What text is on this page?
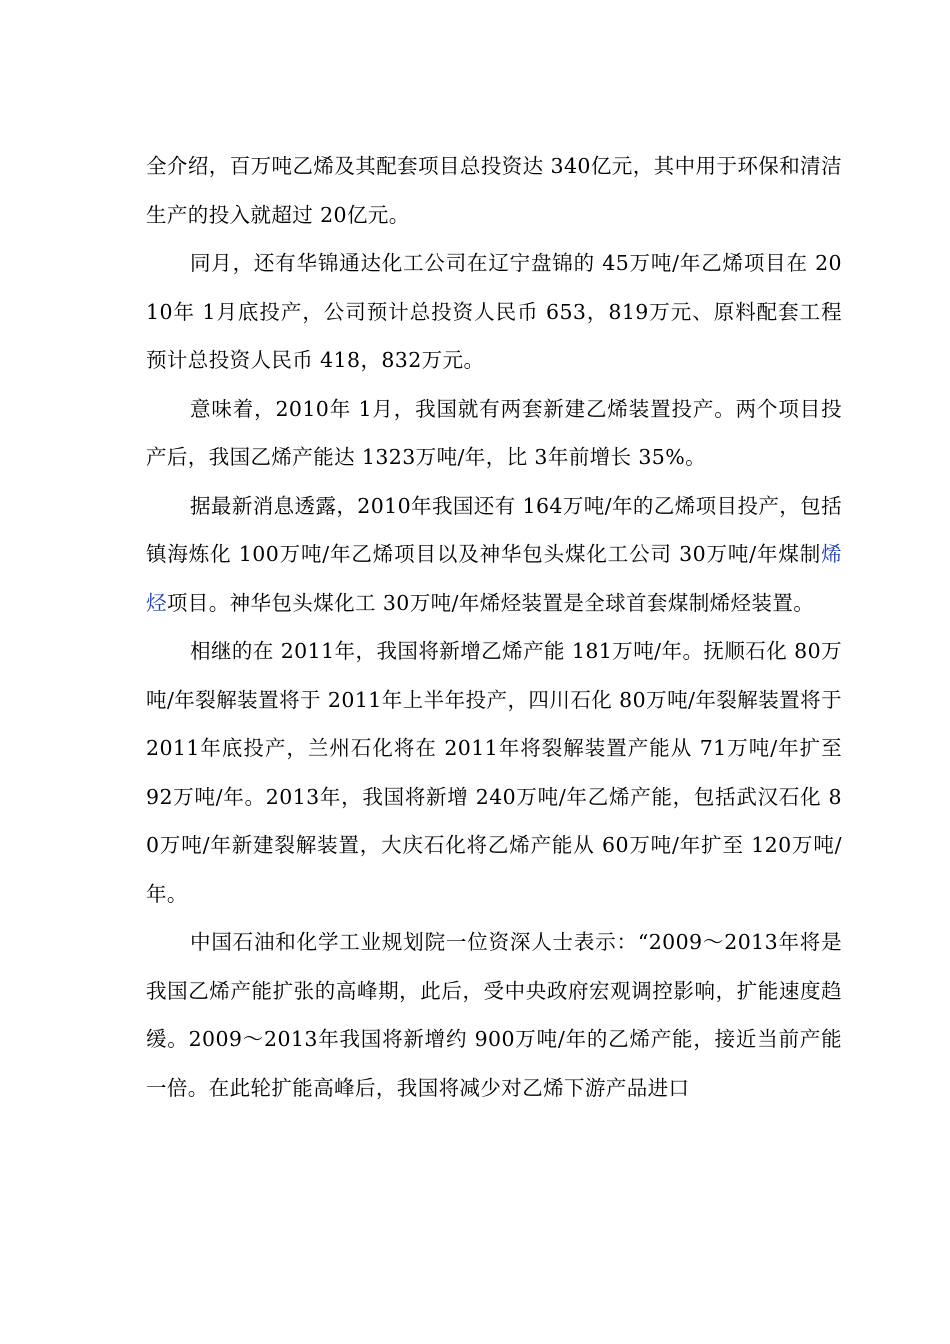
全介绍，百万吨乙烯及其配套项目总投资达 340亿元，其中用于环保和清洁生产的投入就超过 20亿元。

同月，还有华锦通达化工公司在辽宁盘锦的 45万吨/年乙烯项目在 2010年 1月底投产，公司预计总投资人民币 653，819万元、原料配套工程预计总投资人民币 418，832万元。

意味着，2010年 1月，我国就有两套新建乙烯装置投产。两个项目投产后，我国乙烯产能达 1323万吨/年，比 3年前增长 35%。

据最新消息透露，2010年我国还有 164万吨/年的乙烯项目投产，包括镇海炼化 100万吨/年乙烯项目以及神华包头煤化工公司 30万吨/年煤制烯烃项目。神华包头煤化工 30万吨/年烯烃装置是全球首套煤制烯烃装置。

相继的在 2011年，我国将新增乙烯产能 181万吨/年。抚顺石化 80万吨/年裂解装置将于 2011年上半年投产，四川石化 80万吨/年裂解装置将于 2011年底投产，兰州石化将在 2011年将裂解装置产能从 71万吨/年扩至 92万吨/年。2013年，我国将新增 240万吨/年乙烯产能，包括武汉石化 80万吨/年新建裂解装置，大庆石化将乙烯产能从 60万吨/年扩至 120万吨/年。

中国石油和化学工业规划院一位资深人士表示：“2009～2013年将是我国乙烯产能扩张的高峰期，此后，受中央政府宏观调控影响，扩能速度趋缓。2009～2013年我国将新增约 900万吨/年的乙烯产能，接近当前产能一倍。在此轮扩能高峰后，我国将减少对乙烯下游产品进口
